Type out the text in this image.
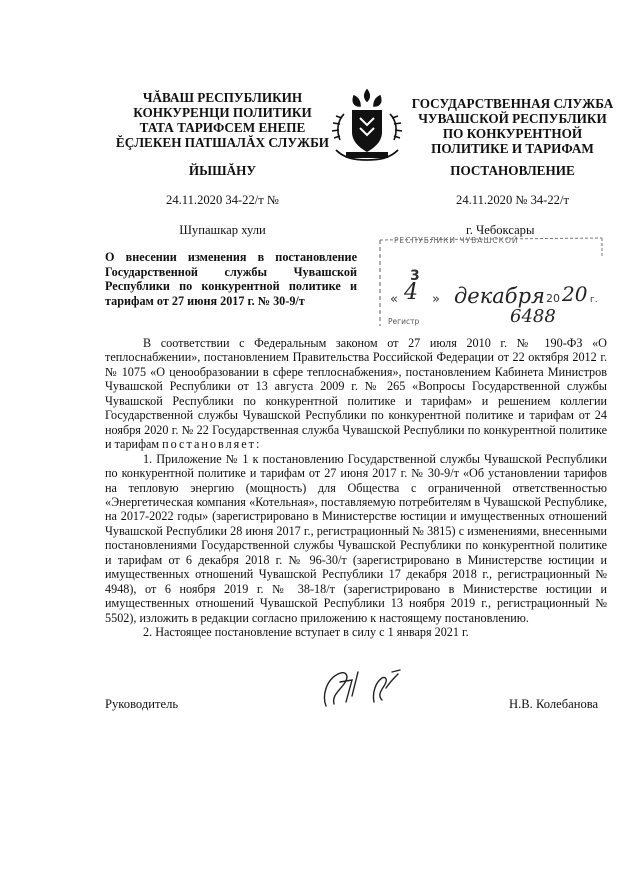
ЧĂВАШ РЕСПУБЛИКИН
КОНКУРЕНЦИ ПОЛИТИКИ
ТАТА ТАРИФСЕМ ЕНЕПЕ
ĔÇЛЕКЕН ПАТШАЛĂХ СЛУЖБИ
ГОСУДАРСТВЕННАЯ СЛУЖБА
ЧУВАШСКОЙ РЕСПУБЛИКИ
ПО КОНКУРЕНТНОЙ
ПОЛИТИКЕ И ТАРИФАМ
ЙЫШĂНУ	ПОСТАНОВЛЕНИЕ
24.11.2020 34-22/т №	24.11.2020 № 34-22/т
Шупашкар хули	г. Чебоксары
О внесении изменения в постановление
Государственной службы Чувашской
Республики по конкурентной политике и
тарифам от 27 июня 2017 г. № 30-9/т
РЕСПУБЛИКИ ЧУВАШСКОЙ
3
« 4 » декабря 20 20 г.
Регистр	6488

В соответствии с Федеральным законом от 27 июля 2010 г. № 190-ФЗ «О теплоснабжении», постановлением Правительства Российской Федерации от 22 октября 2012 г. № 1075 «О ценообразовании в сфере теплоснабжения», постановлением Кабинета Министров Чувашской Республики от 13 августа 2009 г. № 265 «Вопросы Государственной службы Чувашской Республики по конкурентной политике и тарифам» и решением коллегии Государственной службы Чувашской Республики по конкурентной политике и тарифам от 24 ноября 2020 г. № 22 Государственная служба Чувашской Республики по конкурентной политике и тарифам постановляет:

1. Приложение № 1 к постановлению Государственной службы Чувашской Республики по конкурентной политике и тарифам от 27 июня 2017 г. № 30-9/т «Об установлении тарифов на тепловую энергию (мощность) для Общества с ограниченной ответственностью «Энергетическая компания «Котельная», поставляемую потребителям в Чувашской Республике, на 2017-2022 годы» (зарегистрировано в Министерстве юстиции и имущественных отношений Чувашской Республики 28 июня 2017 г., регистрационный № 3815) с изменениями, внесенными постановлениями Государственной службы Чувашской Республики по конкурентной политике и тарифам от 6 декабря 2018 г. № 96-30/т (зарегистрировано в Министерстве юстиции и имущественных отношений Чувашской Республики 17 декабря 2018 г., регистрационный № 4948), от 6 ноября 2019 г. № 38-18/т (зарегистрировано в Министерстве юстиции и имущественных отношений Чувашской Республики 13 ноября 2019 г., регистрационный № 5502), изложить в редакции согласно приложению к настоящему постановлению.

2. Настоящее постановление вступает в силу с 1 января 2021 г.

Руководитель	Н.В. Колебанова
